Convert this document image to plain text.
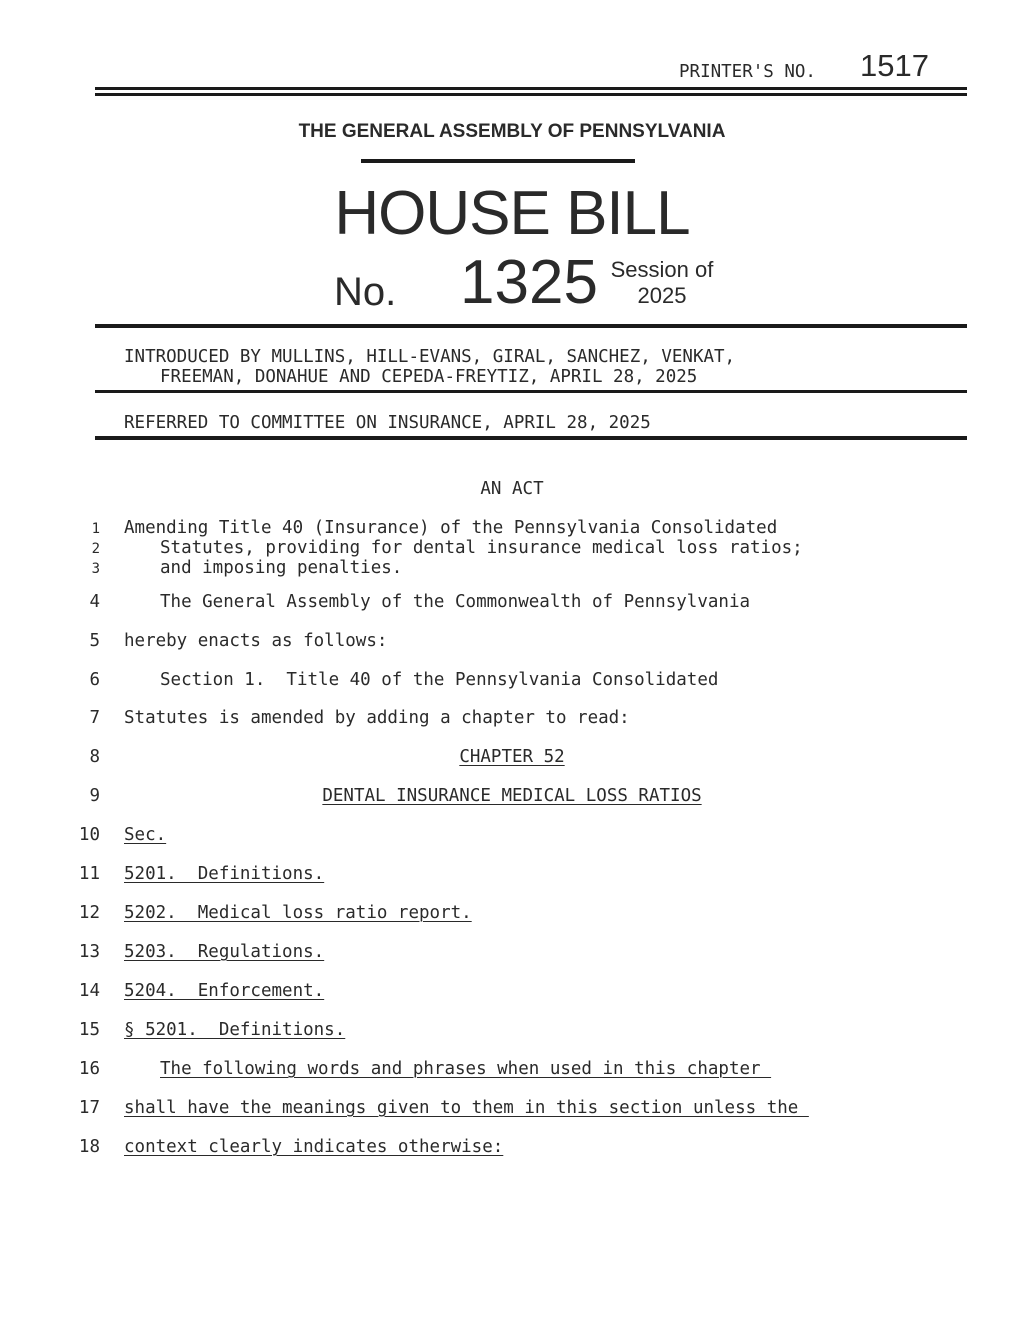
PRINTER'S NO. 1517
THE GENERAL ASSEMBLY OF PENNSYLVANIA
HOUSE BILL
No. 1325 Session of
2025
INTRODUCED BY MULLINS, HILL-EVANS, GIRAL, SANCHEZ, VENKAT,
FREEMAN, DONAHUE AND CEPEDA-FREYTIZ, APRIL 28, 2025
REFERRED TO COMMITTEE ON INSURANCE, APRIL 28, 2025
AN ACT
1 Amending Title 40 (Insurance) of the Pennsylvania Consolidated
2	Statutes, providing for dental insurance medical loss ratios;
3	and imposing penalties.
4	The General Assembly of the Commonwealth of Pennsylvania
5 hereby enacts as follows:
6	Section 1.  Title 40 of the Pennsylvania Consolidated
7 Statutes is amended by adding a chapter to read:
8	CHAPTER 52
9	DENTAL INSURANCE MEDICAL LOSS RATIOS
10 Sec.
11 5201.  Definitions.
12 5202.  Medical loss ratio report.
13 5203.  Regulations.
14 5204.  Enforcement.
15 § 5201.  Definitions.
16	The following words and phrases when used in this chapter
17 shall have the meanings given to them in this section unless the
18 context clearly indicates otherwise:
